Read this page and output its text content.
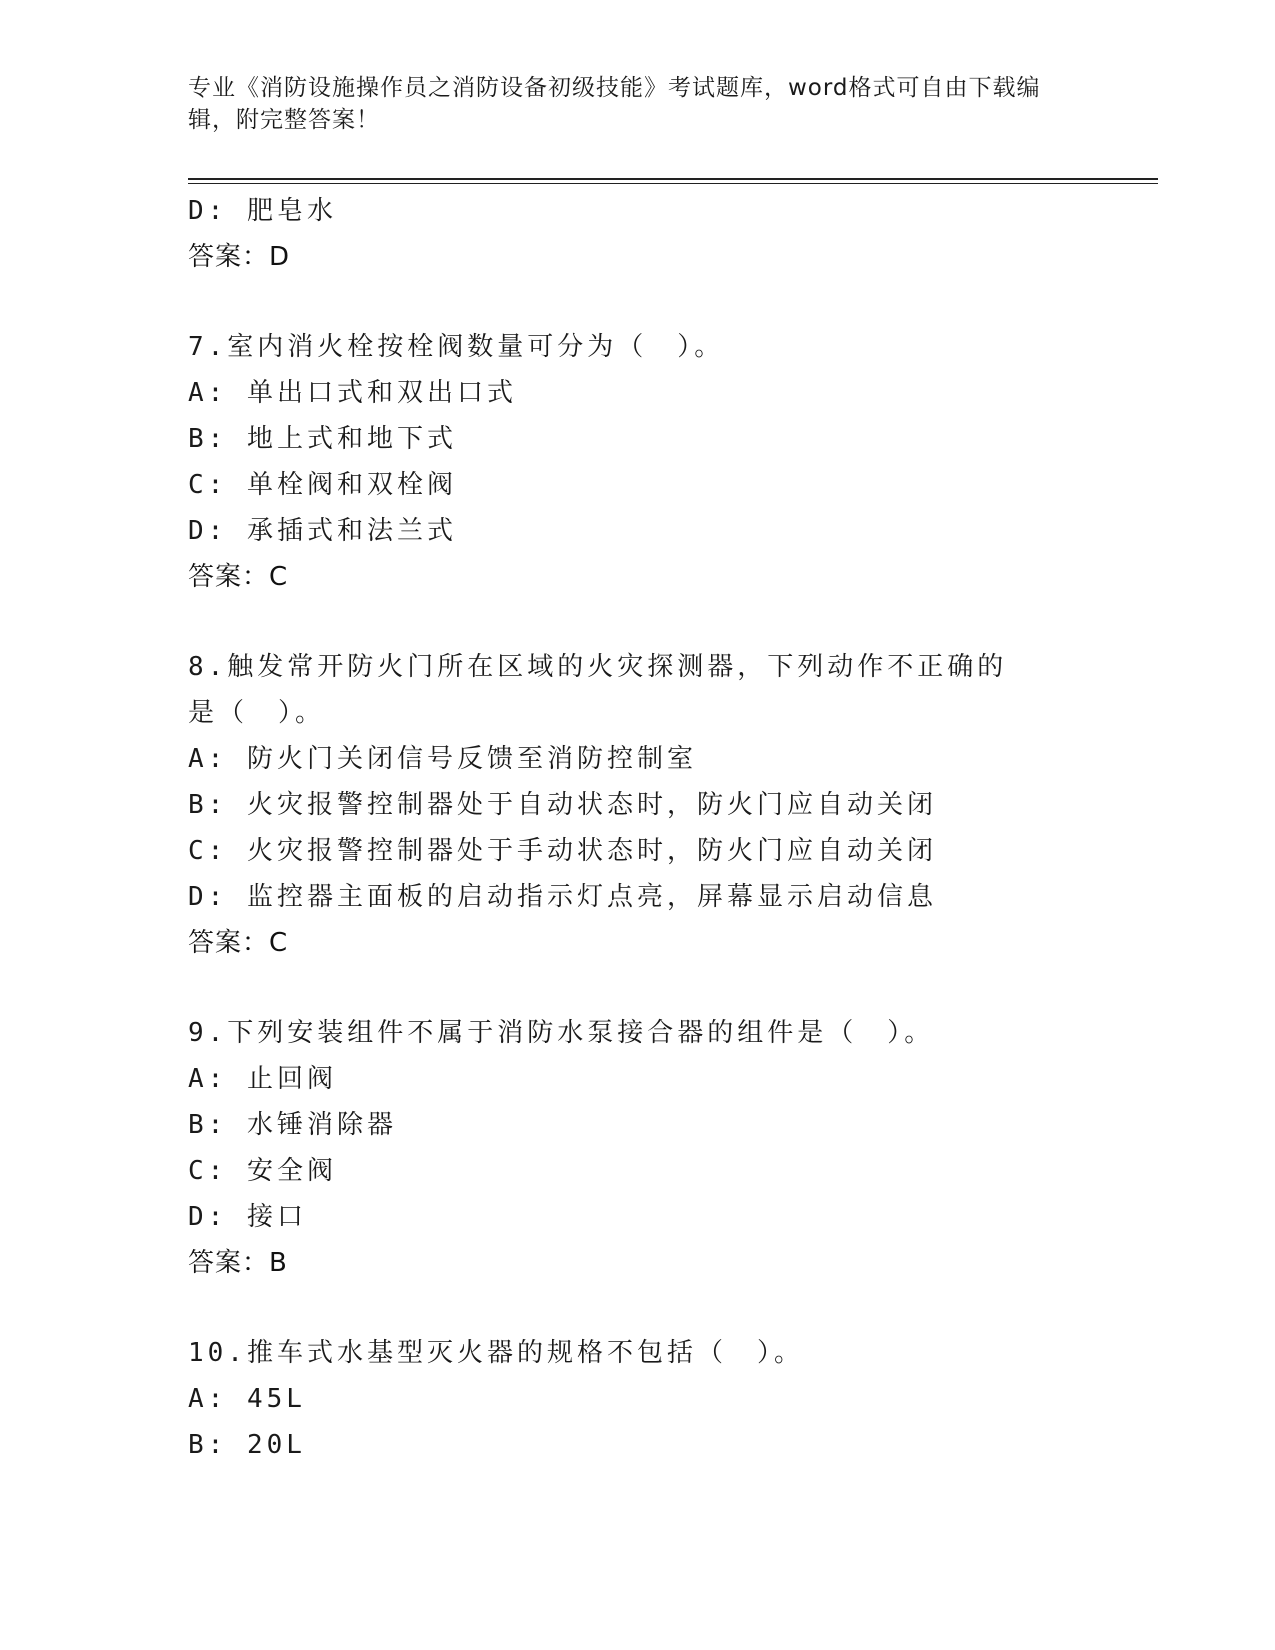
专业《消防设施操作员之消防设备初级技能》考试题库，word格式可自由下载编辑，附完整答案！
D: 肥皂水
答案：D
7.室内消火栓按栓阀数量可分为（　）。
A: 单出口式和双出口式
B: 地上式和地下式
C: 单栓阀和双栓阀
D: 承插式和法兰式
答案：C
8.触发常开防火门所在区域的火灾探测器，下列动作不正确的是（　）。
A: 防火门关闭信号反馈至消防控制室
B: 火灾报警控制器处于自动状态时，防火门应自动关闭
C: 火灾报警控制器处于手动状态时，防火门应自动关闭
D: 监控器主面板的启动指示灯点亮，屏幕显示启动信息
答案：C
9.下列安装组件不属于消防水泵接合器的组件是（　）。
A: 止回阀
B: 水锤消除器
C: 安全阀
D: 接口
答案：B
10.推车式水基型灭火器的规格不包括（　）。
A: 45L
B: 20L
